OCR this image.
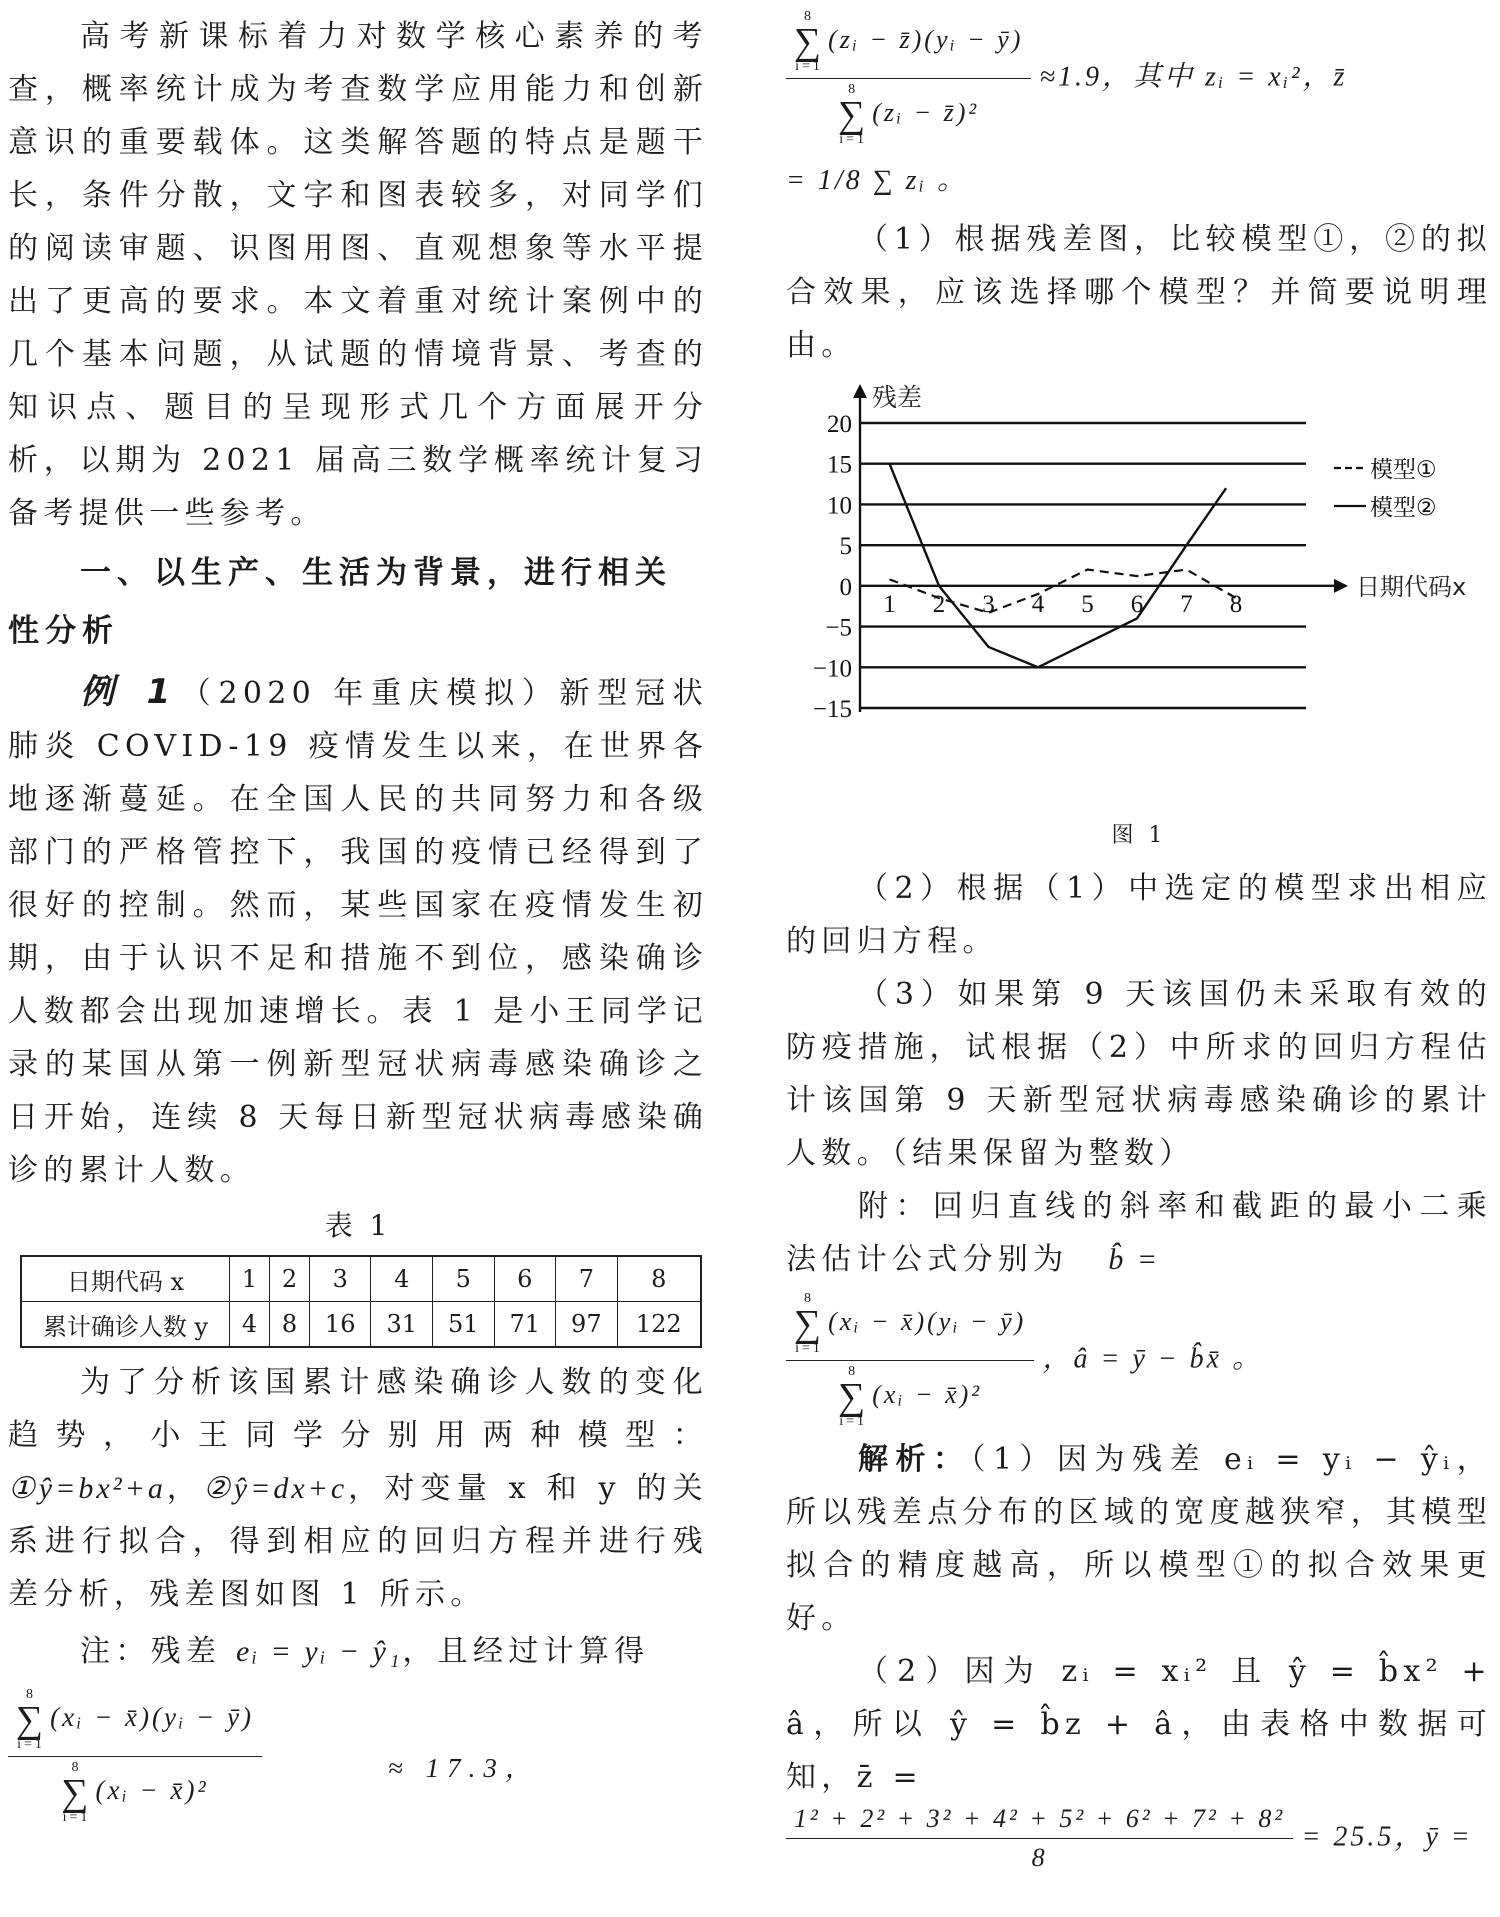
高考新课标着力对数学核心素养的考查，概率统计成为考查数学应用能力和创新意识的重要载体。这类解答题的特点是题干长，条件分散，文字和图表较多，对同学们的阅读审题、识图用图、直观想象等水平提出了更高的要求。本文着重对统计案例中的几个基本问题，从试题的情境背景、考查的知识点、题目的呈现形式几个方面展开分析，以期为 2021 届高三数学概率统计复习备考提供一些参考。

一、以生产、生活为背景，进行相关性分析

例 1（2020 年重庆模拟）新型冠状肺炎 COVID-19 疫情发生以来，在世界各地逐渐蔓延。在全国人民的共同努力和各级部门的严格管控下，我国的疫情已经得到了很好的控制。然而，某些国家在疫情发生初期，由于认识不足和措施不到位，感染确诊人数都会出现加速增长。表 1 是小王同学记录的某国从第一例新型冠状病毒感染确诊之日开始，连续 8 天每日新型冠状病毒感染确诊的累计人数。

表 1

日期代码 x	1	2	3	4	5	6	7	8
累计确诊人数 y	4	8	16	31	51	71	97	122

为了分析该国累计感染确诊人数的变化趋势，小王同学分别用两种模型：①ŷ=bx²+a，②ŷ=dx+c，对变量 x 和 y 的关系进行拟合，得到相应的回归方程并进行残差分析，残差图如图 1 所示。

注：残差 eᵢ = yᵢ − ŷ₁，且经过计算得

8
∑
i=1
(xᵢ − x̄)(yᵢ − ȳ)
8
∑
i=1
(xᵢ − x̄)²	≈ 17.3，
8
∑
i=1
(zᵢ − z̄)(yᵢ − ȳ)
8
∑
i=1
(zᵢ − z̄)² ≈1.9，其中 zᵢ = xᵢ²，z̄
= 1/8 ∑ zᵢ 。

（1）根据残差图，比较模型①，②的拟合效果，应该选择哪个模型？并简要说明理由。

20
15
10
5
0
−5
−10
−15
1 2 3 4 5 6 7 8
残差
日期代码x
模型①
模型②

图 1

（2）根据（1）中选定的模型求出相应的回归方程。

（3）如果第 9 天该国仍未采取有效的防疫措施，试根据（2）中所求的回归方程估计该国第 9 天新型冠状病毒感染确诊的累计人数。（结果保留为整数）

附：回归直线的斜率和截距的最小二乘法估计公式分别为 b̂ =

8
∑
i=1
(xᵢ − x̄)(yᵢ − ȳ)
8
∑
i=1
(xᵢ − x̄)² ，â = ȳ − b̂x̄ 。

解析：（1）因为残差 eᵢ = yᵢ − ŷᵢ，所以残差点分布的区域的宽度越狭窄，其模型拟合的精度越高，所以模型①的拟合效果更好。

（2）因为 zᵢ = xᵢ² 且 ŷ = b̂x² + â，所以 ŷ = b̂z + â，由表格中数据可知，z̄ =

$\frac{\text{1² + 2² + 3² + 4² + 5² + 6² + 7² + 8²}}{8} = 25.5$，ȳ =
